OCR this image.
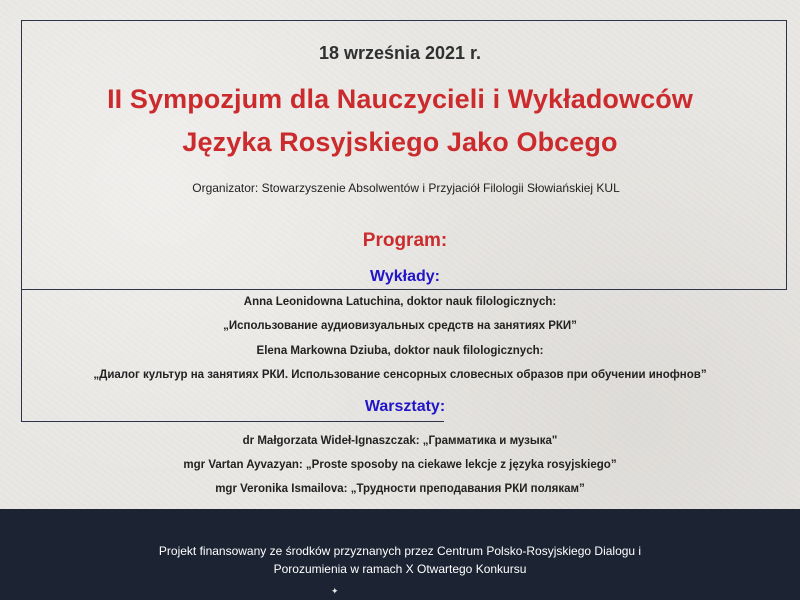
18 września 2021 r.
II Sympozjum dla Nauczycieli i Wykładowców
Języka Rosyjskiego Jako Obcego
Organizator: Stowarzyszenie Absolwentów i Przyjaciół Filologii Słowiańskiej KUL
Program:
Wykłady:
Anna Leonidowna Latuchina, doktor nauk filologicznych:
„Использование аудиовизуальных средств на занятиях РКИ”
Elena Markowna Dziuba, doktor nauk filologicznych:
„Диалог культур на занятиях РКИ. Использование сенсорных словесных образов при обучении инофнов”
Warsztaty:
dr Małgorzata Wideł-Ignaszczak: „Грамматика и музыка"
mgr Vartan Ayvazyan: „Proste sposoby na ciekawe lekcje z języka rosyjskiego”
mgr Veronika Ismailova: „Трудности преподавания РКИ полякам”
Projekt finansowany ze środków przyznanych przez Centrum Polsko-Rosyjskiego Dialogu i
Porozumienia w ramach X Otwartego Konkursu
✦
